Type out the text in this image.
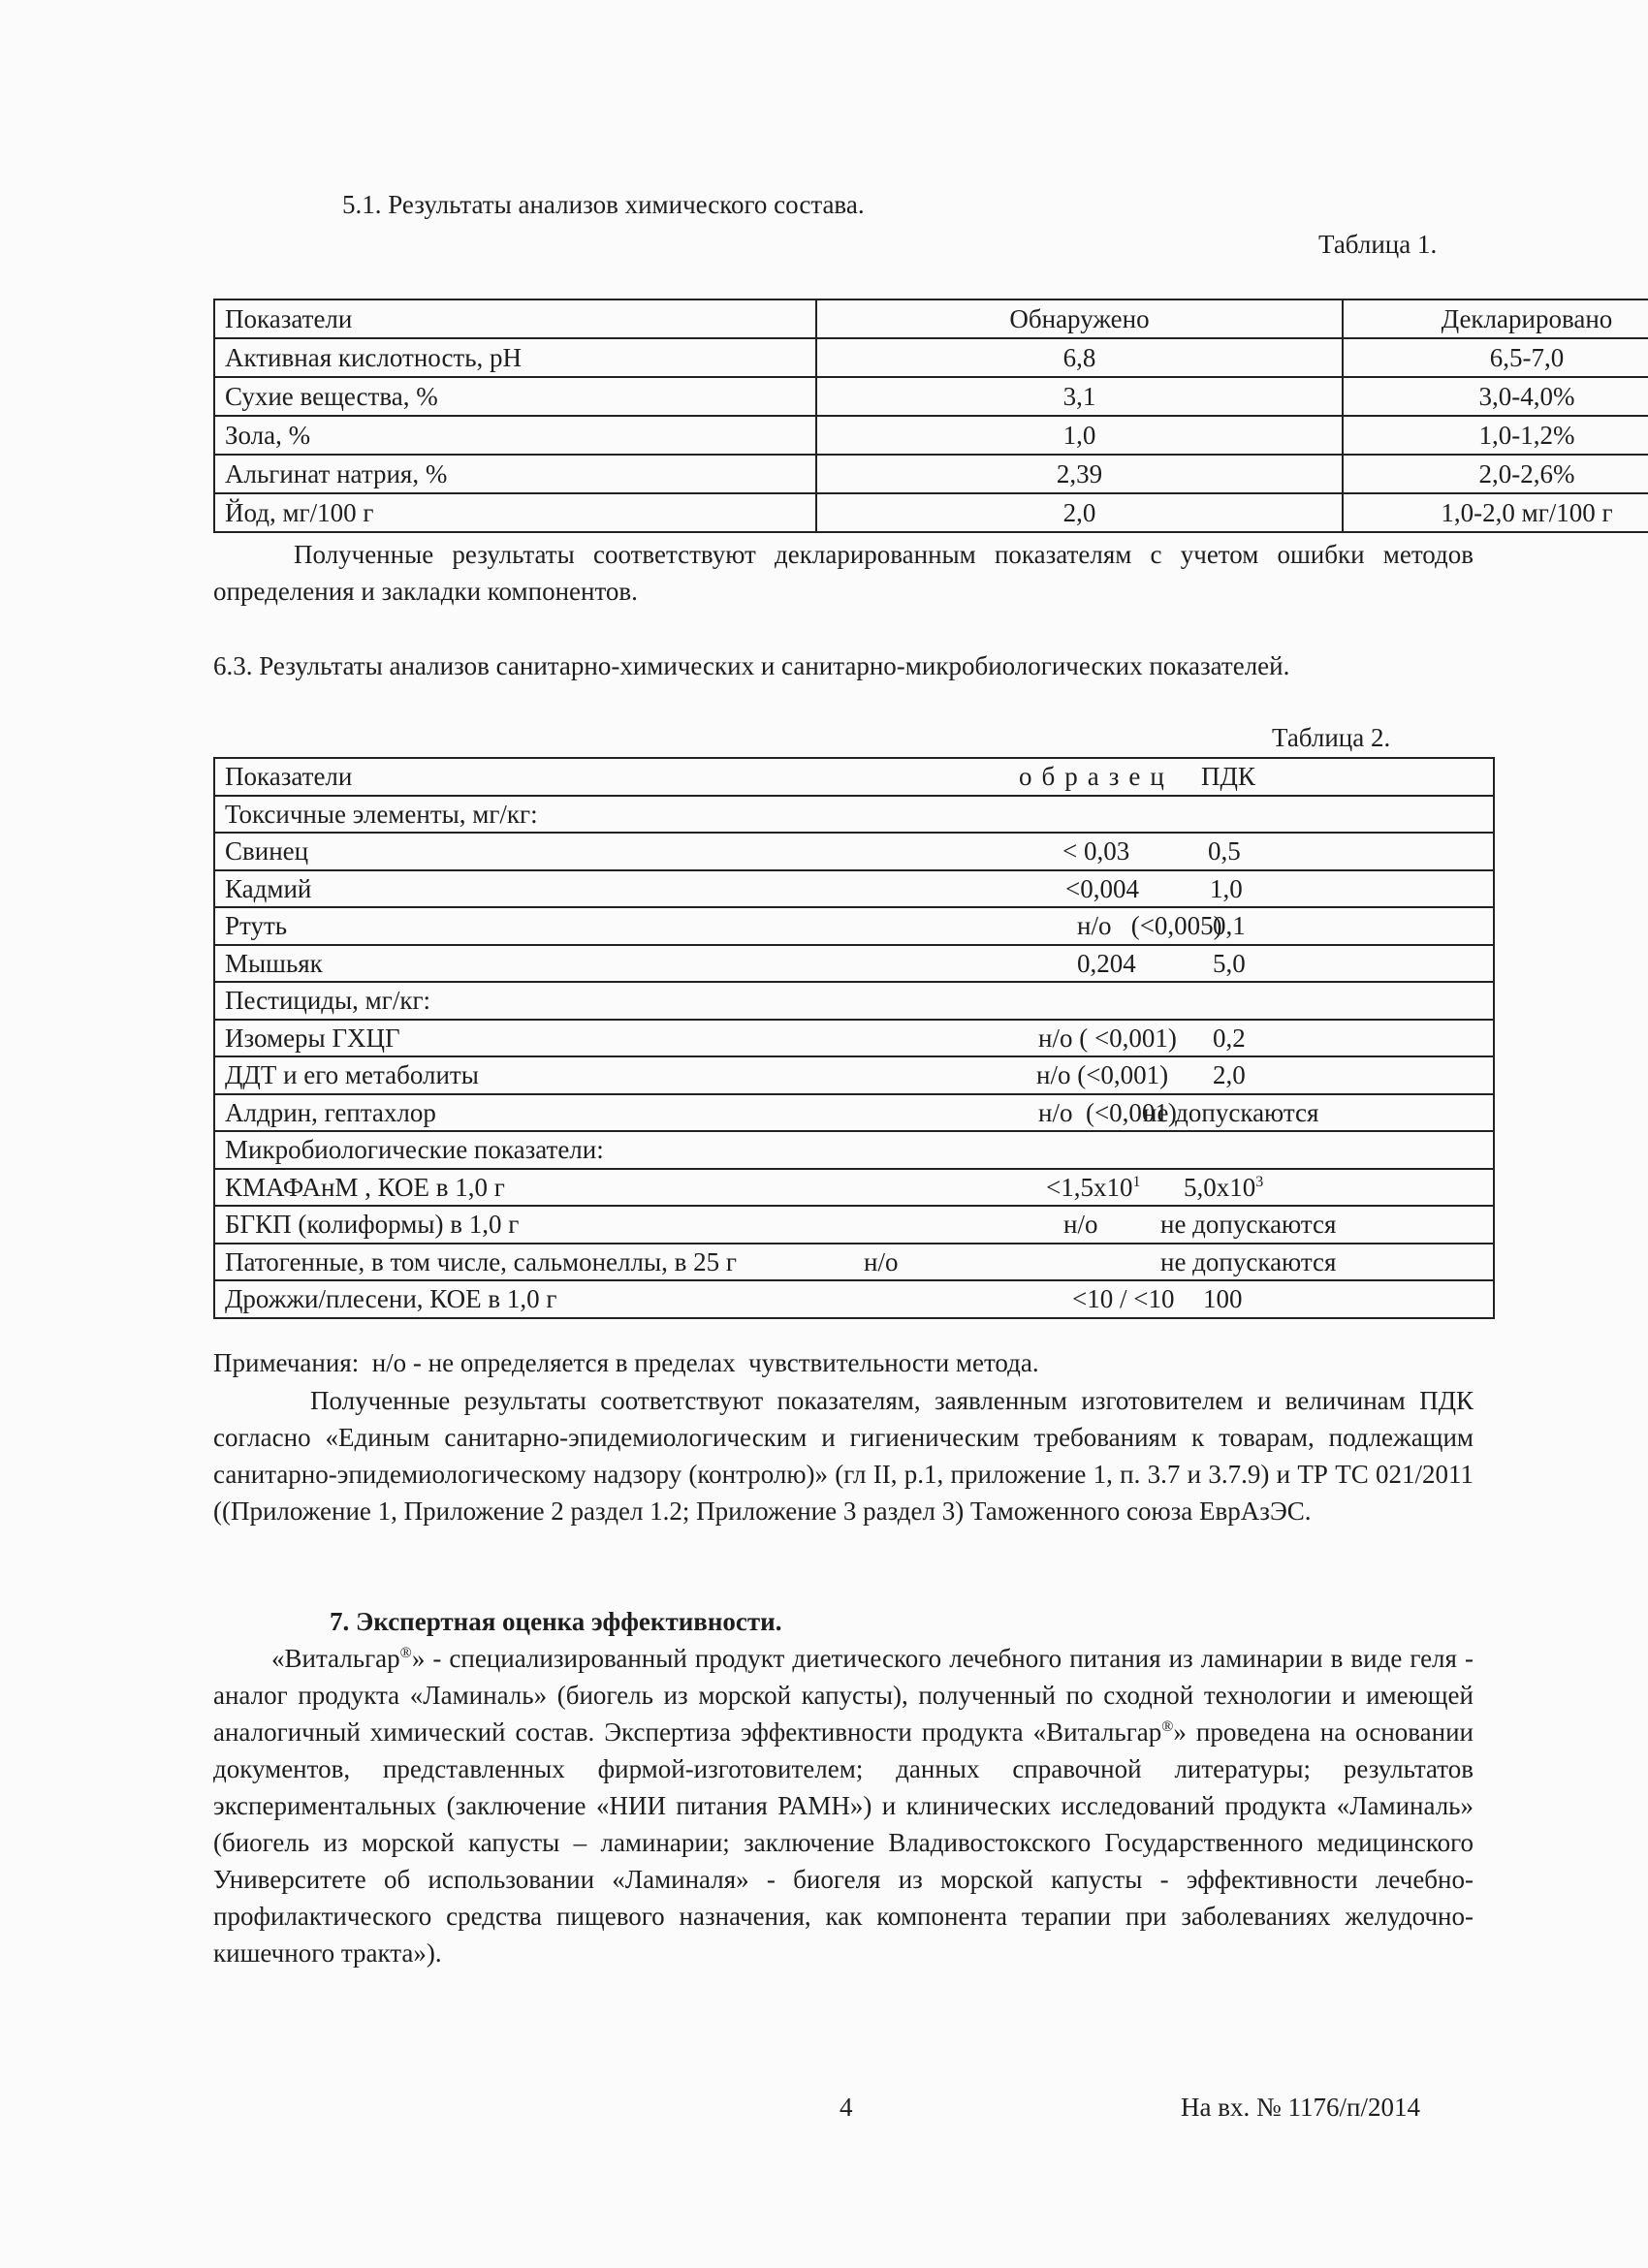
5.1. Результаты анализов химического состава.
Таблица 1.
Показатели	Обнаружено	Декларировано
Активная кислотность, рН	6,8	6,5-7,0
Сухие вещества, %	3,1	3,0-4,0%
Зола, %	1,0	1,0-1,2%
Альгинат натрия, %	2,39	2,0-2,6%
Йод, мг/100 г	2,0	1,0-2,0 мг/100 г
Полученные результаты соответствуют декларированным показателям с учетом ошибки методов определения и закладки компонентов.
6.3. Результаты анализов санитарно-химических и санитарно-микробиологических показателей.
Таблица 2.
Показатели	образец	ПДК
Токсичные элементы, мг/кг:		
Свинец	< 0,03	0,5
Кадмий	<0,004	1,0
Ртуть	н/о   (<0,005)	0,1
Мышьяк	0,204	5,0
Пестициды, мг/кг:		
Изомеры ГХЦГ	н/о ( <0,001)	0,2
ДДТ и его метаболиты	н/о (<0,001)	2,0
Алдрин, гептахлор	н/о  (<0,001)	не допускаются
Микробиологические показатели:		
КМАФАнМ , КОЕ в 1,0 г	$<1,5x10^1$	$5,0x10^3$
БГКП (колиформы) в 1,0 г	н/о	не допускаются
Патогенные, в том числе, сальмонеллы, в 25 г	н/о	не допускаются
Дрожжи/плесени, КОЕ в 1,0 г	<10 / <10	100
Примечания:  н/о - не определяется в пределах  чувствительности метода.
Полученные результаты соответствуют показателям, заявленным изготовителем и величинам ПДК согласно «Единым санитарно-эпидемиологическим и гигиеническим требованиям к товарам, подлежащим санитарно-эпидемиологическому надзору (контролю)» (гл II, р.1, приложение 1, п. 3.7 и 3.7.9) и ТР ТС 021/2011 ((Приложение 1, Приложение 2 раздел 1.2; Приложение 3 раздел 3) Таможенного союза ЕврАзЭС.
7. Экспертная оценка эффективности.
«Витальгар®» - специализированный продукт диетического лечебного питания из ламинарии в виде геля - аналог продукта «Ламиналь» (биогель из морской капусты), полученный по сходной технологии и имеющей аналогичный химический состав. Экспертиза эффективности продукта «Витальгар®» проведена на основании документов, представленных фирмой-изготовителем; данных справочной литературы; результатов экспериментальных (заключение «НИИ питания РАМН») и клинических исследований продукта «Ламиналь» (биогель из морской капусты – ламинарии; заключение Владивостокского Государственного медицинского Университете об использовании «Ламиналя» - биогеля из морской капусты - эффективности лечебно-профилактического средства пищевого назначения, как компонента терапии при заболеваниях желудочно-кишечного тракта»).
4	На вх. № 1176/п/2014
